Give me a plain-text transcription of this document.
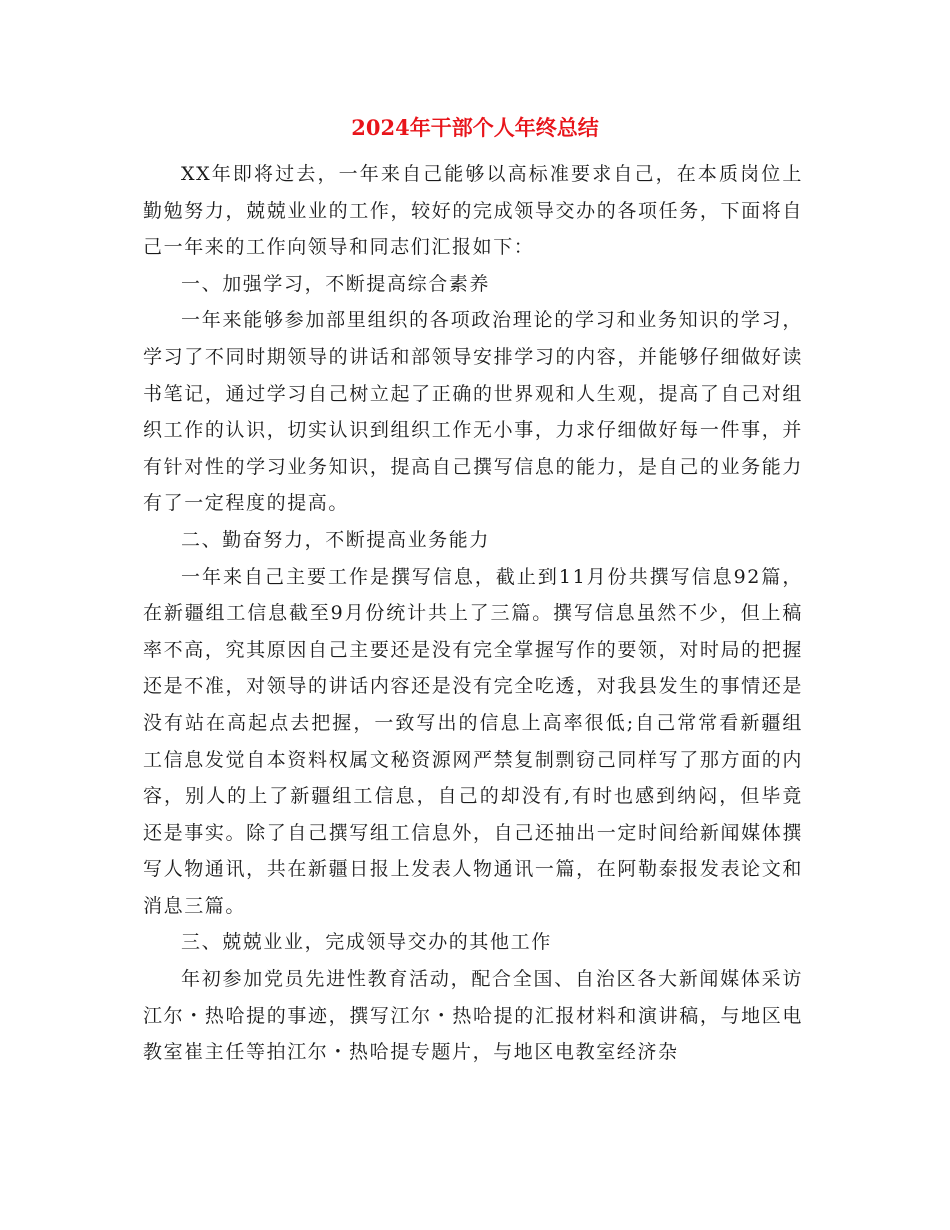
2024年干部个人年终总结

XX年即将过去，一年来自己能够以高标准要求自己，在本质岗位上勤勉努力，兢兢业业的工作，较好的完成领导交办的各项任务，下面将自己一年来的工作向领导和同志们汇报如下：

一、加强学习，不断提高综合素养

一年来能够参加部里组织的各项政治理论的学习和业务知识的学习，学习了不同时期领导的讲话和部领导安排学习的内容，并能够仔细做好读书笔记，通过学习自己树立起了正确的世界观和人生观，提高了自己对组织工作的认识，切实认识到组织工作无小事，力求仔细做好每一件事，并有针对性的学习业务知识，提高自己撰写信息的能力，是自己的业务能力有了一定程度的提高。

二、勤奋努力，不断提高业务能力

一年来自己主要工作是撰写信息，截止到11月份共撰写信息92篇，在新疆组工信息截至9月份统计共上了三篇。撰写信息虽然不少，但上稿率不高，究其原因自己主要还是没有完全掌握写作的要领，对时局的把握还是不准，对领导的讲话内容还是没有完全吃透，对我县发生的事情还是没有站在高起点去把握，一致写出的信息上高率很低;自己常常看新疆组工信息发觉自本资料权属文秘资源网严禁复制剽窃己同样写了那方面的内容，别人的上了新疆组工信息，自己的却没有,有时也感到纳闷，但毕竟还是事实。除了自己撰写组工信息外，自己还抽出一定时间给新闻媒体撰写人物通讯，共在新疆日报上发表人物通讯一篇，在阿勒泰报发表论文和消息三篇。

三、兢兢业业，完成领导交办的其他工作

年初参加党员先进性教育活动，配合全国、自治区各大新闻媒体采访江尔・热哈提的事迹，撰写江尔・热哈提的汇报材料和演讲稿，与地区电教室崔主任等拍江尔・热哈提专题片，与地区电教室经济杂
